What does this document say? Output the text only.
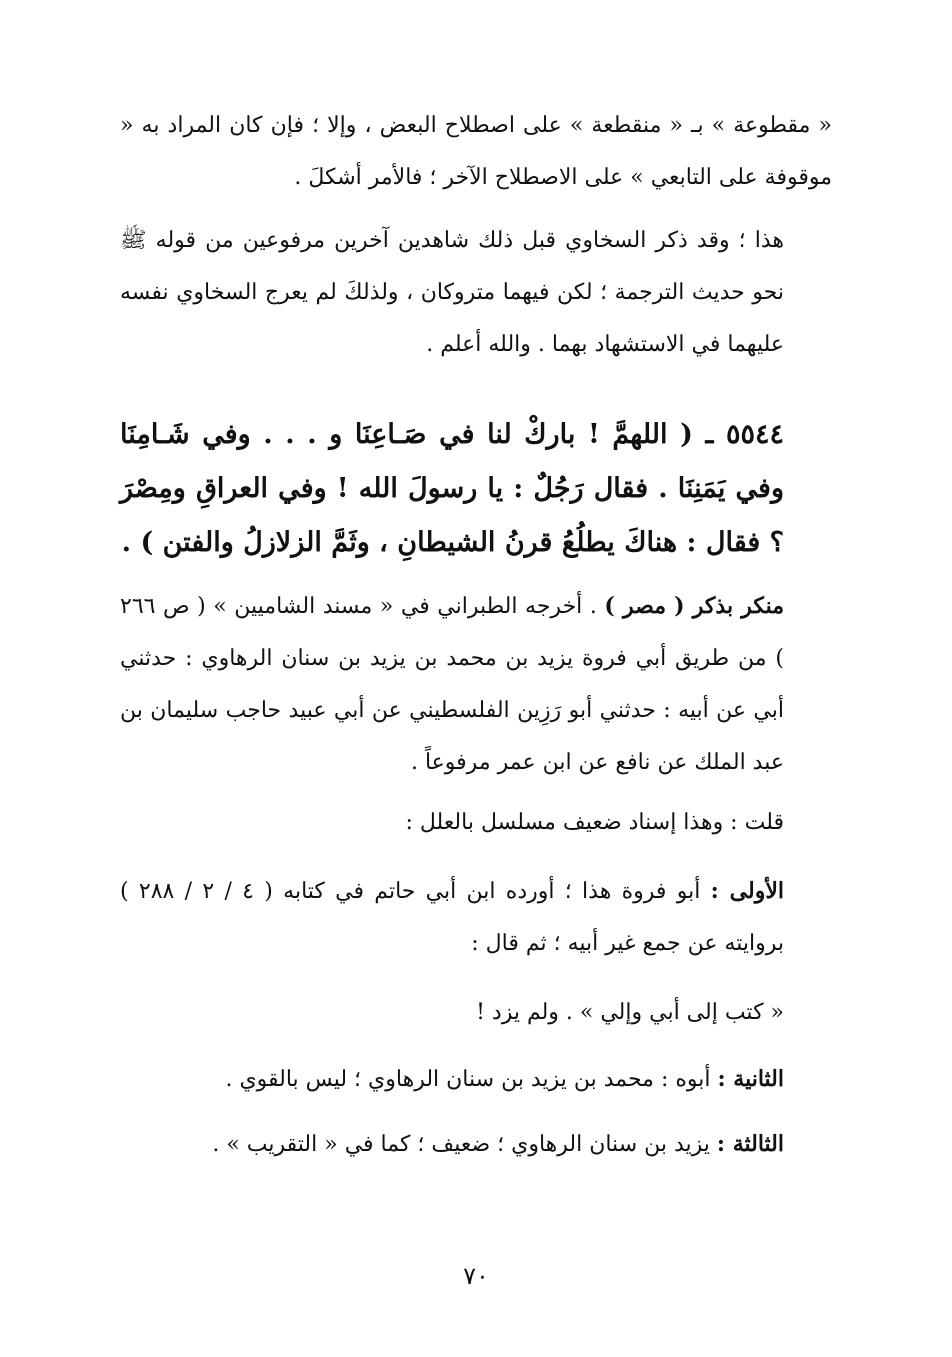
« مقطوعة » بـ « منقطعة » على اصطلاح البعض ، وإلا ؛ فإن كان المراد به « موقوفة على التابعي » على الاصطلاح الآخر ؛ فالأمر أشكلَ .

هذا ؛ وقد ذكر السخاوي قبل ذلك شاهدين آخرين مرفوعين من قوله ﷺ نحو حديث الترجمة ؛ لكن فيهما متروكان ، ولذلكَ لم يعرج السخاوي نفسه عليهما في الاستشهاد بهما . والله أعلم .

٥٥٤٤ ـ ( اللهمَّ ! باركْ لنا في صَـاعِنَا و . . . وفي شَـامِنَا وفي يَمَنِنَا . فقال رَجُلٌ : يا رسولَ الله ! وفي العراقِ ومِصْرَ ؟ فقال : هناكَ يطلُعُ قرنُ الشيطانِ ، وثَمَّ الزلازلُ والفتن ) .

منكر بذكر ( مصر ) . أخرجه الطبراني في « مسند الشاميين » ( ص ٢٦٦ ) من طريق أبي فروة يزيد بن محمد بن يزيد بن سنان الرهاوي : حدثني أبي عن أبيه : حدثني أبو رَزِين الفلسطيني عن أبي عبيد حاجب سليمان بن عبد الملك عن نافع عن ابن عمر مرفوعاً .

قلت : وهذا إسناد ضعيف مسلسل بالعلل :

الأولى : أبو فروة هذا ؛ أورده ابن أبي حاتم في كتابه ( ٤ / ٢ / ٢٨٨ ) بروايته عن جمع غير أبيه ؛ ثم قال :

« كتب إلى أبي وإلي » . ولم يزد !

الثانية : أبوه : محمد بن يزيد بن سنان الرهاوي ؛ ليس بالقوي .

الثالثة : يزيد بن سنان الرهاوي ؛ ضعيف ؛ كما في « التقريب » .

٧٠
